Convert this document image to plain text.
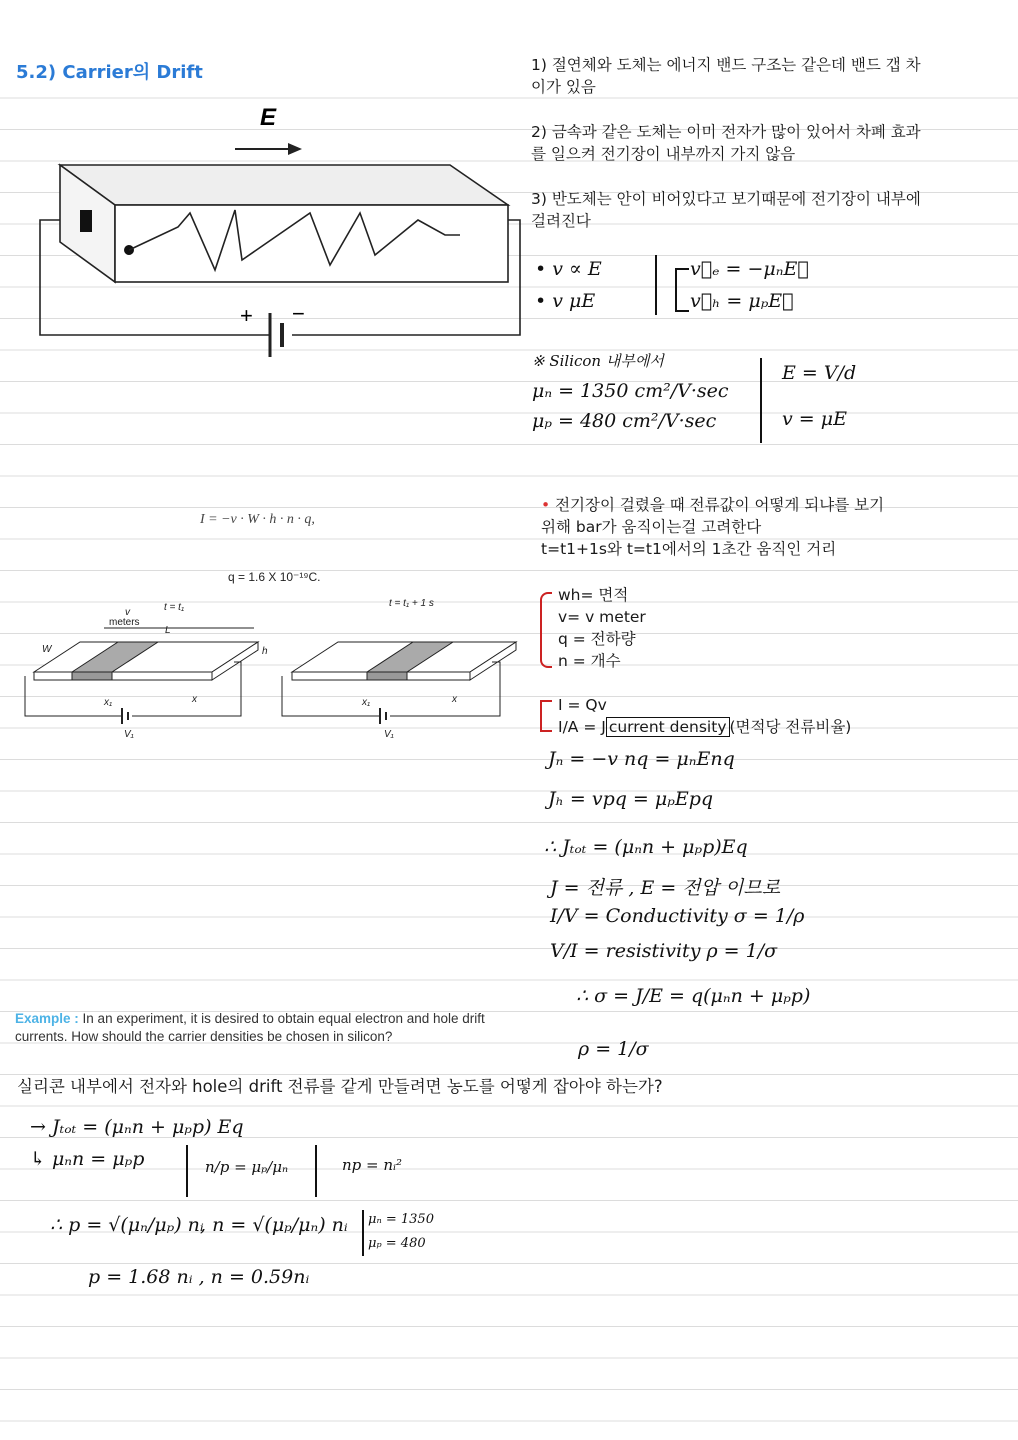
5.2) Carrier의 Drift
E
+ −
1) 절연체와 도체는 에너지 밴드 구조는 같은데 밴드 갭 차이가 있음
2) 금속과 같은 도체는 이미 전자가 많이 있어서 차폐 효과를 일으켜 전기장이 내부까지 가지 않음
3) 반도체는 안이 비어있다고 보기때문에 전기장이 내부에 걸려진다
• v ∝ E
• v μE
v⃗ₑ = −μₙE⃗
v⃗ₕ = μₚE⃗
※ Silicon 내부에서
μₙ = 1350 cm²/V·sec
μₚ = 480 cm²/V·sec
E = V/d
v = μE
I = −v · W · h · n · q,
q = 1.6 X 10⁻¹⁹C.
t = t₁	t = t₁ + 1 s
v
meters
L
W	h
x	x
x₁	x₁
V₁	V₁
• 전기장이 걸렸을 때 전류값이 어떻게 되냐를 보기 위해 bar가 움직이는걸 고려한다
t=t1+1s와 t=t1에서의 1초간 움직인 거리
wh= 면적
v= v meter
q = 전하량
n = 개수
I = Qv
I/A = J current density (면적당 전류비율)
Jₙ = −v nq = μₙEnq
Jₕ = vpq = μₚEpq
∴ Jₜₒₜ = (μₙn + μₚp)Eq
J = 전류 , E = 전압 이므로
I/V = Conductivity σ = 1/ρ
V/I = resistivity ρ = 1/σ
∴ σ = J/E = q(μₙn + μₚp)
ρ = 1/σ
Example : In an experiment, it is desired to obtain equal electron and hole drift currents. How should the carrier densities be chosen in silicon?
실리콘 내부에서 전자와 hole의 drift 전류를 같게 만들려면 농도를 어떻게 잡아야 하는가?
→ Jₜₒₜ = (μₙn + μₚp) Eq
↳ μₙn = μₚp	n/p = μₚ/μₙ	np = nᵢ²
∴ p = √(μₙ/μₚ) nᵢ
, n = √(μₚ/μₙ) nᵢ μₙ = 1350
μₚ = 480
p = 1.68 nᵢ , n = 0.59nᵢ
